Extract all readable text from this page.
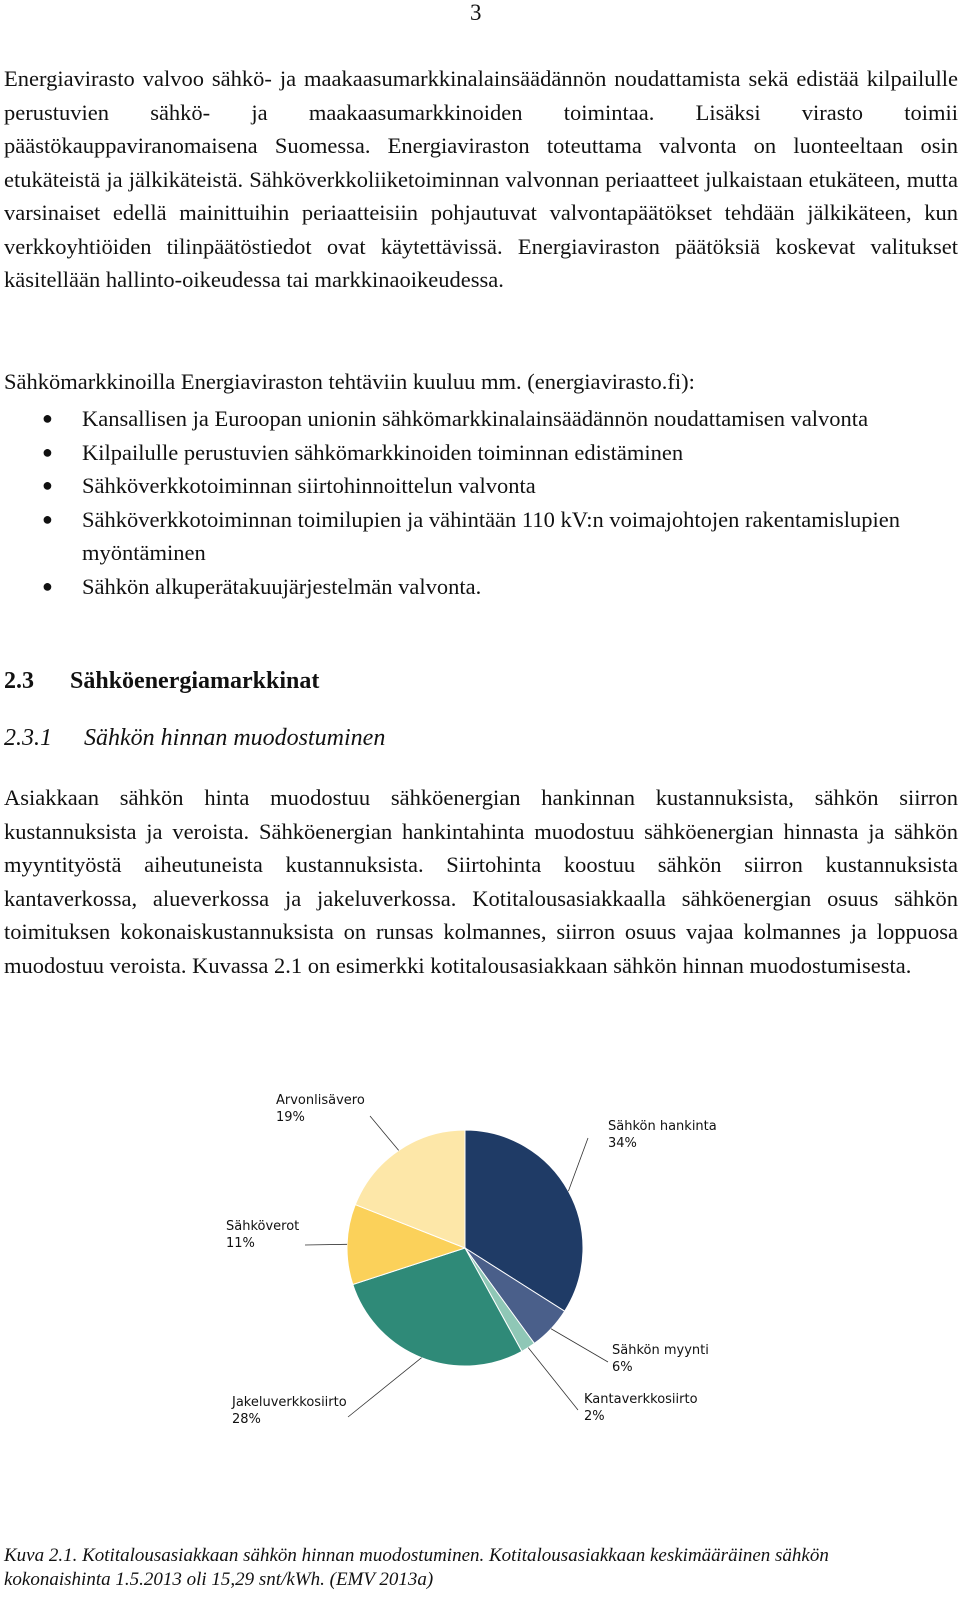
3

Energiavirasto valvoo sähkö- ja maakaasumarkkinalainsäädännön noudattamista sekä edistää kilpailulle perustuvien sähkö- ja maakaasumarkkinoiden toimintaa. Lisäksi virasto toimii päästökauppaviranomaisena Suomessa. Energiaviraston toteuttama valvonta on luonteeltaan osin etukäteistä ja jälkikäteistä. Sähköverkkoliiketoiminnan valvonnan periaatteet julkaistaan etukäteen, mutta varsinaiset edellä mainittuihin periaatteisiin pohjautuvat valvontapäätökset tehdään jälkikäteen, kun verkkoyhtiöiden tilinpäätöstiedot ovat käytettävissä. Energiaviraston päätöksiä koskevat valitukset käsitellään hallinto-oikeudessa tai markkinaoikeudessa.

Sähkömarkkinoilla Energiaviraston tehtäviin kuuluu mm. (energiavirasto.fi):
● Kansallisen ja Euroopan unionin sähkömarkkinalainsäädännön noudattamisen valvonta
● Kilpailulle perustuvien sähkömarkkinoiden toiminnan edistäminen
● Sähköverkkotoiminnan siirtohinnoittelun valvonta
● Sähköverkkotoiminnan toimilupien ja vähintään 110 kV:n voimajohtojen rakentamislupien myöntäminen
● Sähkön alkuperätakuujärjestelmän valvonta.
2.3 Sähköenergiamarkkinat
2.3.1 Sähkön hinnan muodostuminen

Asiakkaan sähkön hinta muodostuu sähköenergian hankinnan kustannuksista, sähkön siirron kustannuksista ja veroista. Sähköenergian hankintahinta muodostuu sähköenergian hinnasta ja sähkön myyntityöstä aiheutuneista kustannuksista. Siirtohinta koostuu sähkön siirron kustannuksista kantaverkossa, alueverkossa ja jakeluverkossa. Kotitalousasiakkaalla sähköenergian osuus sähkön toimituksen kokonaiskustannuksista on runsas kolmannes, siirron osuus vajaa kolmannes ja loppuosa muodostuu veroista. Kuvassa 2.1 on esimerkki kotitalousasiakkaan sähkön hinnan muodostumisesta.

Sähkön hankinta
34%
Sähkön myynti
6%
Kantaverkkosiirto
2%
Jakeluverkkosiirto
28%
Sähköverot
11%
Arvonlisävero
19%
Kuva 2.1. Kotitalousasiakkaan sähkön hinnan muodostuminen. Kotitalousasiakkaan keskimääräinen sähkön kokonaishinta 1.5.2013 oli 15,29 snt/kWh. (EMV 2013a)
